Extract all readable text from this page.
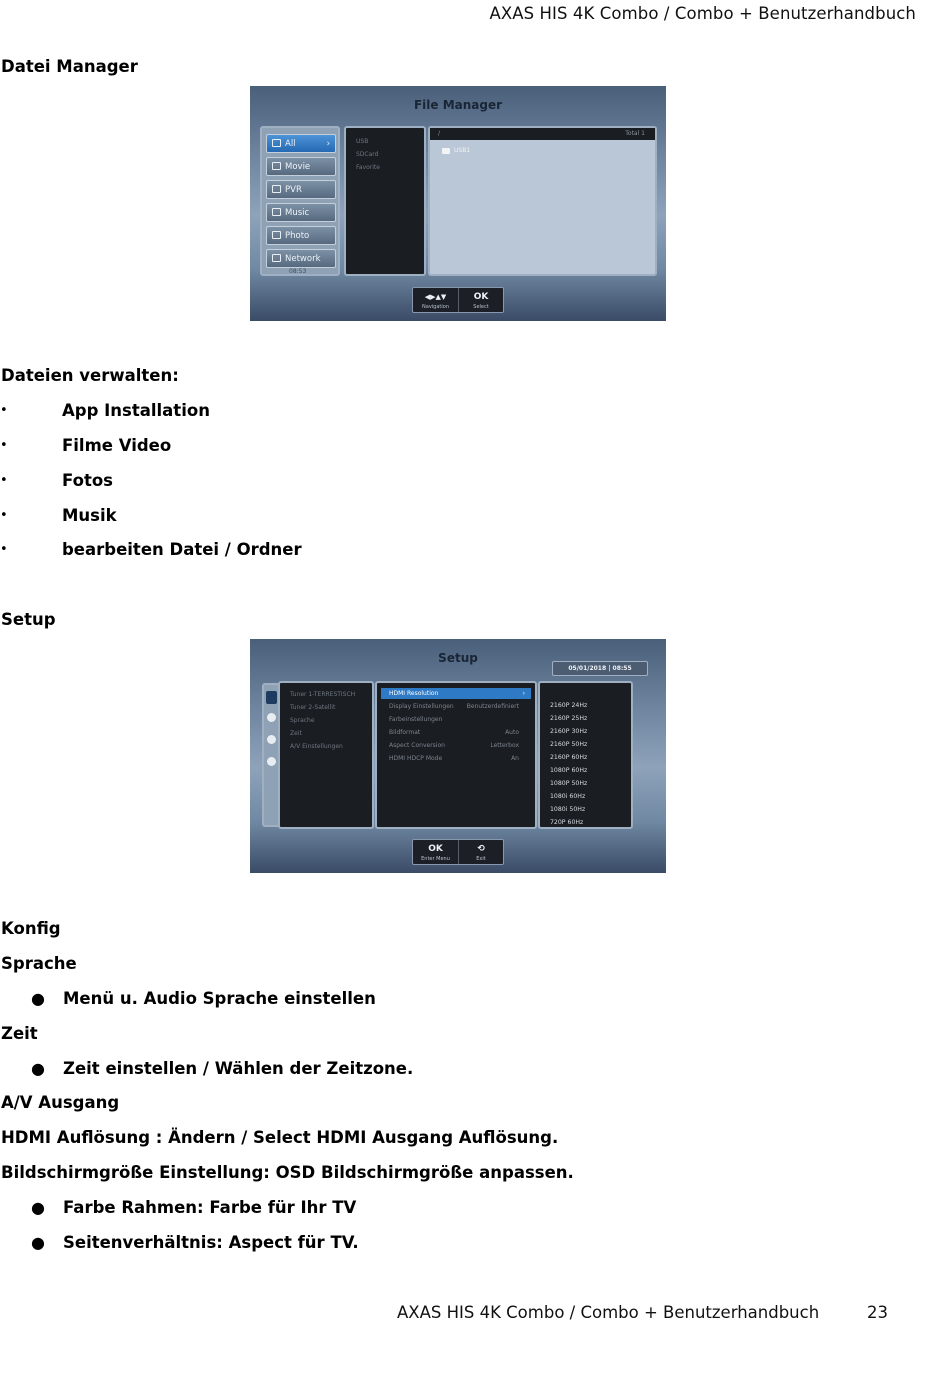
AXAS HIS 4K Combo / Combo + Benutzerhandbuch
Datei Manager
File Manager
All	›
Movie
PVR
Music
Photo
Network
08:53
USB
SDCard
Favorite
/	Total 1
USB1
◀▶▲▼
Navigation
OK
Select
Dateien verwalten:
•	App Installation
•	Filme Video
•	Fotos
•	Musik
•	bearbeiten Datei / Ordner
Setup
Setup
05/01/2018 | 08:55
Tuner 1-TERRESTISCH
Tuner 2-Satellit
Sprache
Zeit
A/V Einstellungen
HDMI Resolution	›
Display Einstellungen Benutzerdefiniert
Farbeinstellungen
Bildformat	Auto
Aspect Conversion	Letterbox
HDMI HDCP Mode	An
2160P 24Hz
2160P 25Hz
2160P 30Hz
2160P 50Hz
2160P 60Hz
1080P 60Hz
1080P 50Hz
1080i 60Hz
1080i 50Hz
720P 60Hz
OK
Enter Menu
⟲
Exit
Konfig
Sprache
● Menü u. Audio Sprache einstellen
Zeit
● Zeit einstellen / Wählen der Zeitzone.
A/V Ausgang
HDMI Auflösung : Ändern / Select HDMI Ausgang Auflösung.
Bildschirmgröße Einstellung: OSD Bildschirmgröße anpassen.
● Farbe Rahmen: Farbe für Ihr TV
● Seitenverhältnis: Aspect für TV.
AXAS HIS 4K Combo / Combo + Benutzerhandbuch	23
